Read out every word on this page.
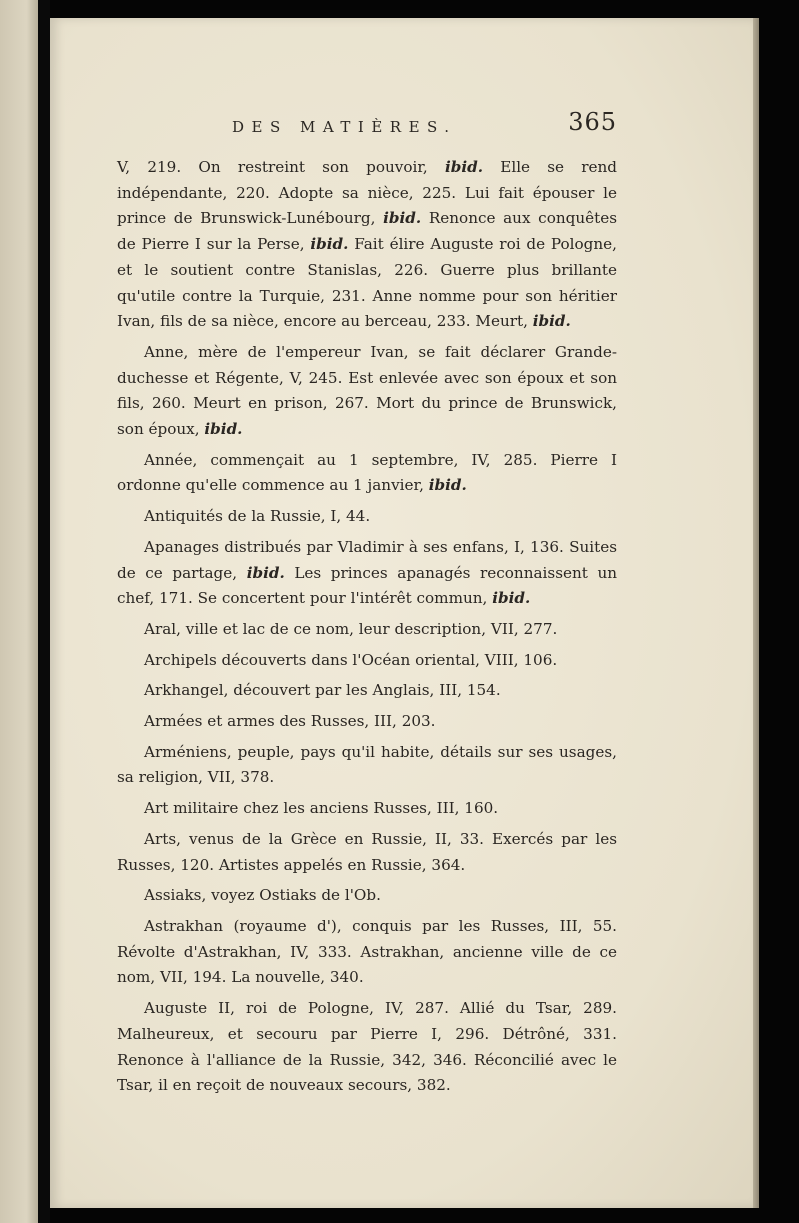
DES MATIÈRES.	365

V, 219. On restreint son pouvoir, ibid. Elle se rend indépendante, 220. Adopte sa nièce, 225. Lui fait épouser le prince de Brunswick-Lunébourg, ibid. Renonce aux conquêtes de Pierre I sur la Perse, ibid. Fait élire Auguste roi de Pologne, et le soutient contre Stanislas, 226. Guerre plus brillante qu'utile contre la Turquie, 231. Anne nomme pour son héritier Ivan, fils de sa nièce, encore au berceau, 233. Meurt, ibid.

Anne, mère de l'empereur Ivan, se fait déclarer Grande-duchesse et Régente, V, 245. Est enlevée avec son époux et son fils, 260. Meurt en prison, 267. Mort du prince de Brunswick, son époux, ibid.

Année, commençait au 1 septembre, IV, 285. Pierre I ordonne qu'elle commence au 1 janvier, ibid.

Antiquités de la Russie, I, 44.

Apanages distribués par Vladimir à ses enfans, I, 136. Suites de ce partage, ibid. Les princes apanagés reconnaissent un chef, 171. Se concertent pour l'intérêt commun, ibid.

Aral, ville et lac de ce nom, leur description, VII, 277.

Archipels découverts dans l'Océan oriental, VIII, 106.

Arkhangel, découvert par les Anglais, III, 154.

Armées et armes des Russes, III, 203.

Arméniens, peuple, pays qu'il habite, détails sur ses usages, sa religion, VII, 378.

Art militaire chez les anciens Russes, III, 160.

Arts, venus de la Grèce en Russie, II, 33. Exercés par les Russes, 120. Artistes appelés en Russie, 364.

Assiaks, voyez Ostiaks de l'Ob.

Astrakhan (royaume d'), conquis par les Russes, III, 55. Révolte d'Astrakhan, IV, 333. Astrakhan, ancienne ville de ce nom, VII, 194. La nouvelle, 340.

Auguste II, roi de Pologne, IV, 287. Allié du Tsar, 289. Malheureux, et secouru par Pierre I, 296. Détrôné, 331. Renonce à l'alliance de la Russie, 342, 346. Réconcilié avec le Tsar, il en reçoit de nouveaux secours, 382.
